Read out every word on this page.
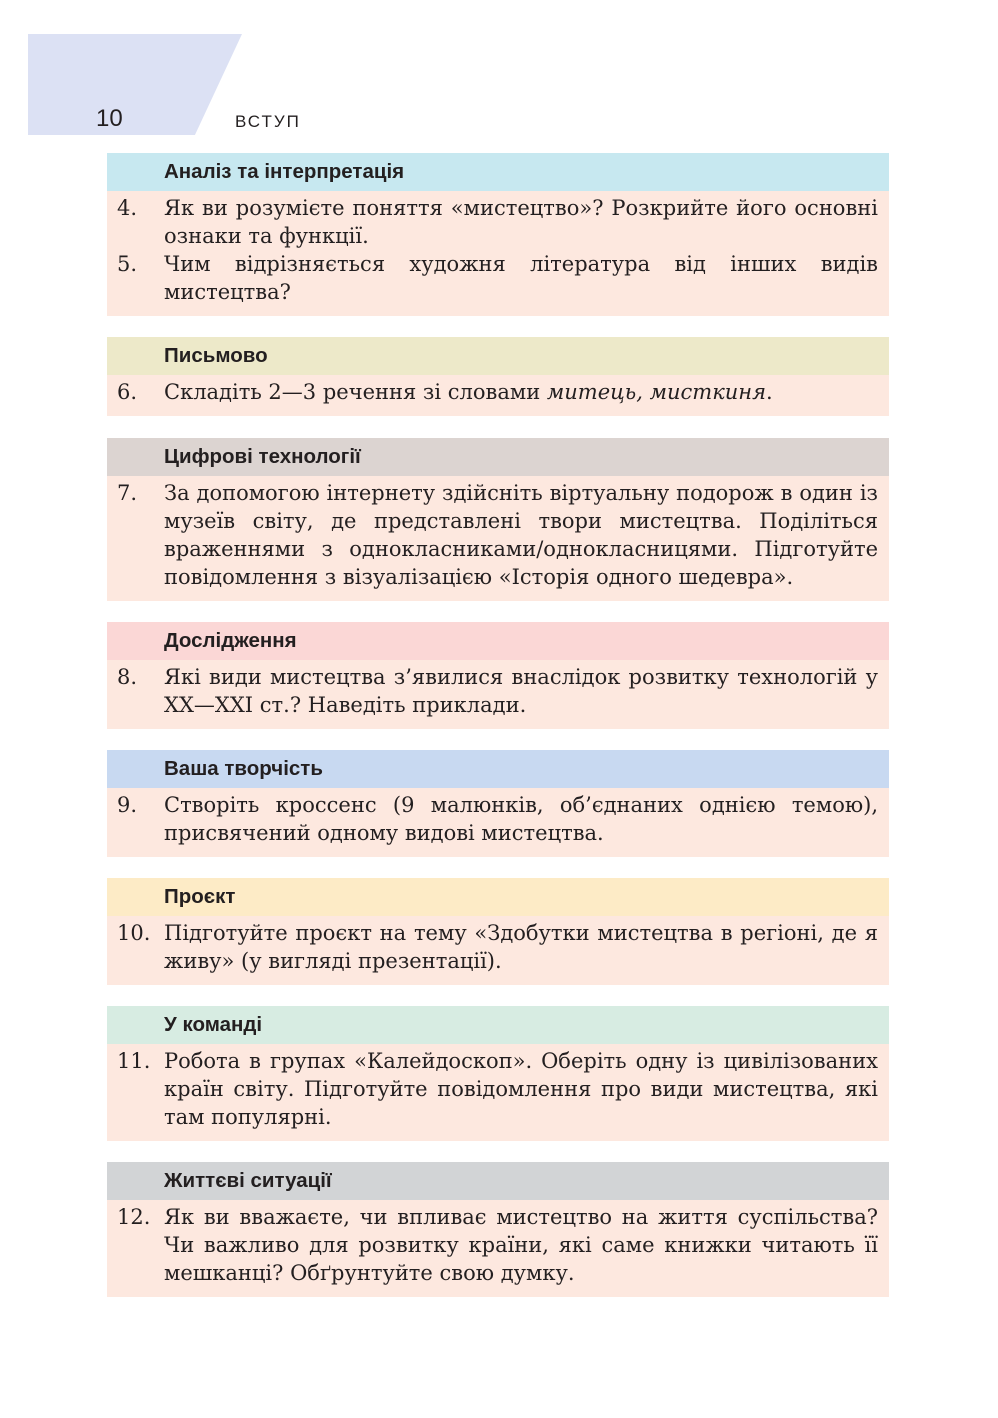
10	ВСТУП
Аналіз та інтерпретація
4.	Як ви розумієте поняття «мистецтво»? Розкрийте його основні ознаки та функції.
5.	Чим відрізняється художня література від інших видів мистецтва?
Письмово
6.	Складіть 2—3 речення зі словами митець, мисткиня.
Цифрові технології
7.	За допомогою інтернету здійсніть віртуальну подорож в один із музеїв світу, де представлені твори мистецтва. Поділіться враженнями з однокласниками/однокласницями. Підготуйте повідомлення з візуалізацією «Історія одного шедевра».
Дослідження
8.	Які види мистецтва з’явилися внаслідок розвитку технологій у ХХ—ХХІ ст.? Наведіть приклади.
Ваша творчість
9.	Створіть кроссенс (9 малюнків, об’єднаних однією темою), присвячений одному видові мистецтва.
Проєкт
10. Підготуйте проєкт на тему «Здобутки мистецтва в регіоні, де я живу» (у вигляді презентації).
У команді
11. Робота в групах «Калейдоскоп». Оберіть одну із цивілізованих країн світу. Підготуйте повідомлення про види мистецтва, які там популярні.
Життєві ситуації
12. Як ви вважаєте, чи впливає мистецтво на життя суспільства? Чи важливо для розвитку країни, які саме книжки читають її мешканці? Обґрунтуйте свою думку.
